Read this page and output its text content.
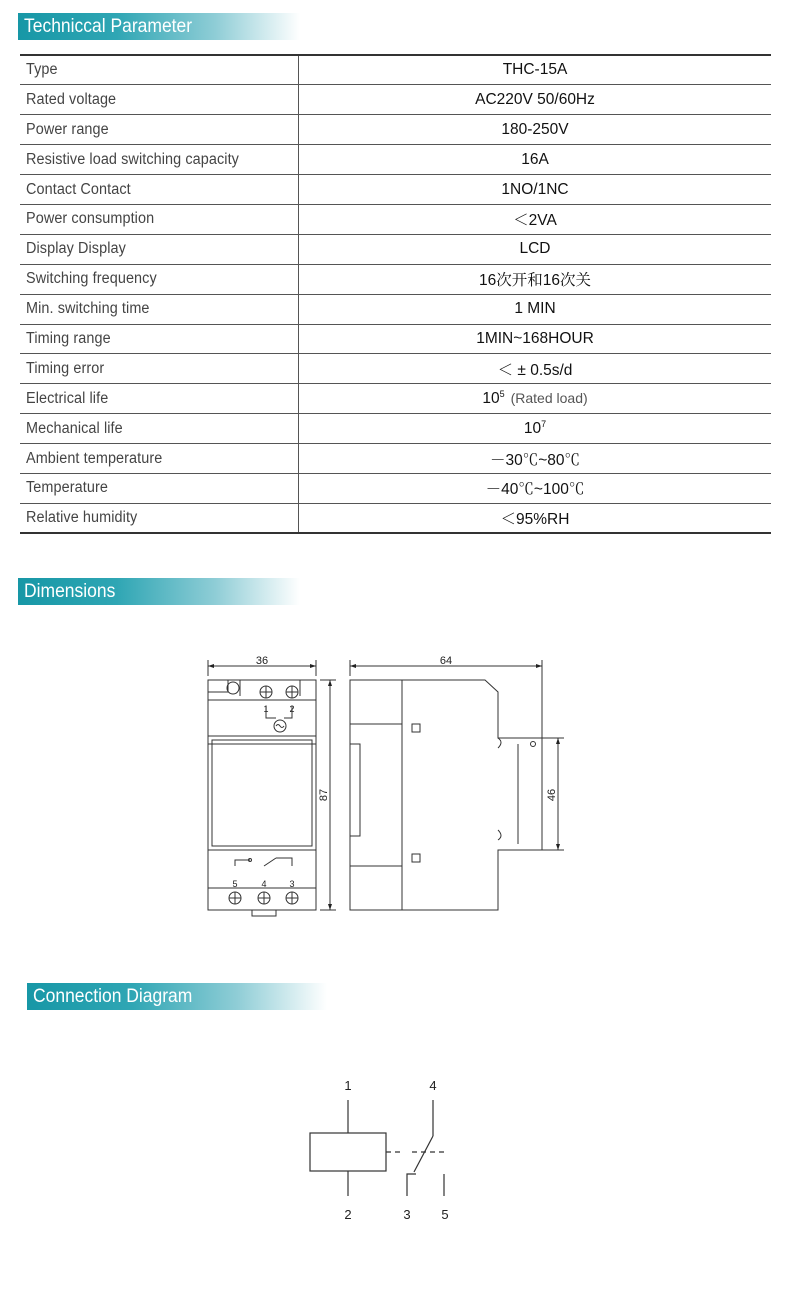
Techniccal Parameter
Type	THC-15A
Rated voltage	AC220V 50/60Hz
Power range	180-250V
Resistive load switching capacity	16A
Contact Contact	1NO/1NC
Power consumption	＜2VA
Display Display	LCD
Switching frequency	16次开和16次关
Min. switching time	1 MIN
Timing range	1MIN~168HOUR
Timing error	＜ ± 0.5s/d
Electrical life	$10^5$ (Rated load)
Mechanical life	$10^7$
Ambient temperature	－30℃~80℃
Temperature	－40℃~100℃
Relative humidity	＜95%RH
Dimensions
36
87
64
46
1 2
5	4	3
Connection Diagram
1	4
2	3 5
